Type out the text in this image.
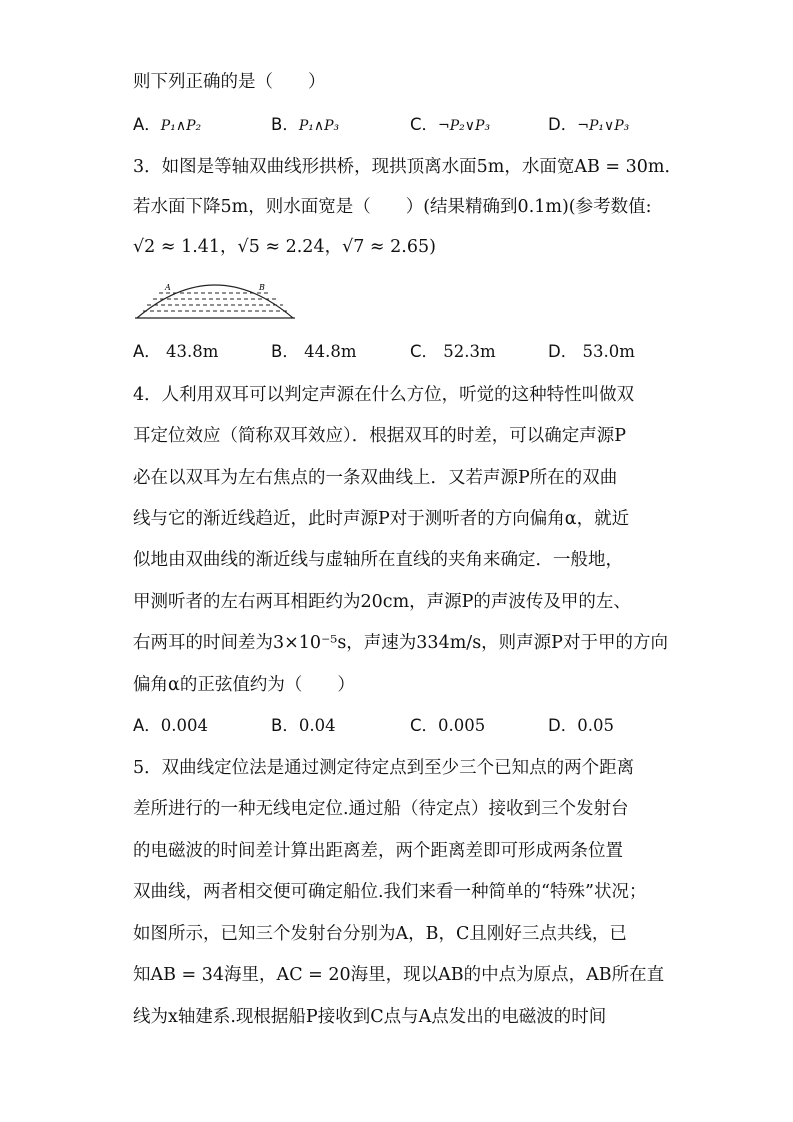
则下列正确的是（　　）
A．P₁∧P₂	B．P₁∧P₃	C．¬P₂∨P₃	D．¬P₁∨P₃
3．如图是等轴双曲线形拱桥，现拱顶离水面5m，水面宽AB = 30m．
若水面下降5m，则水面宽是（　　）(结果精确到0.1m)(参考数值:
√2 ≈ 1.41，√5 ≈ 2.24，√7 ≈ 2.65)
A	B
A． 43.8m	B． 44.8m	C． 52.3m	D． 53.0m
4．人利用双耳可以判定声源在什么方位，听觉的这种特性叫做双
耳定位效应（简称双耳效应）．根据双耳的时差，可以确定声源P
必在以双耳为左右焦点的一条双曲线上．又若声源P所在的双曲
线与它的渐近线趋近，此时声源P对于测听者的方向偏角α，就近
似地由双曲线的渐近线与虚轴所在直线的夹角来确定．一般地，
甲测听者的左右两耳相距约为20cm，声源P的声波传及甲的左、
右两耳的时间差为3×10⁻⁵s，声速为334m/s，则声源P对于甲的方向
偏角α的正弦值约为（　　）
A．0.004	B．0.04	C．0.005	D．0.05
5．双曲线定位法是通过测定待定点到至少三个已知点的两个距离
差所进行的一种无线电定位.通过船（待定点）接收到三个发射台
的电磁波的时间差计算出距离差，两个距离差即可形成两条位置
双曲线，两者相交便可确定船位.我们来看一种简单的“特殊”状况；
如图所示，已知三个发射台分别为A，B，C且刚好三点共线，已
知AB = 34海里，AC = 20海里，现以AB的中点为原点，AB所在直
线为x轴建系.现根据船P接收到C点与A点发出的电磁波的时间
